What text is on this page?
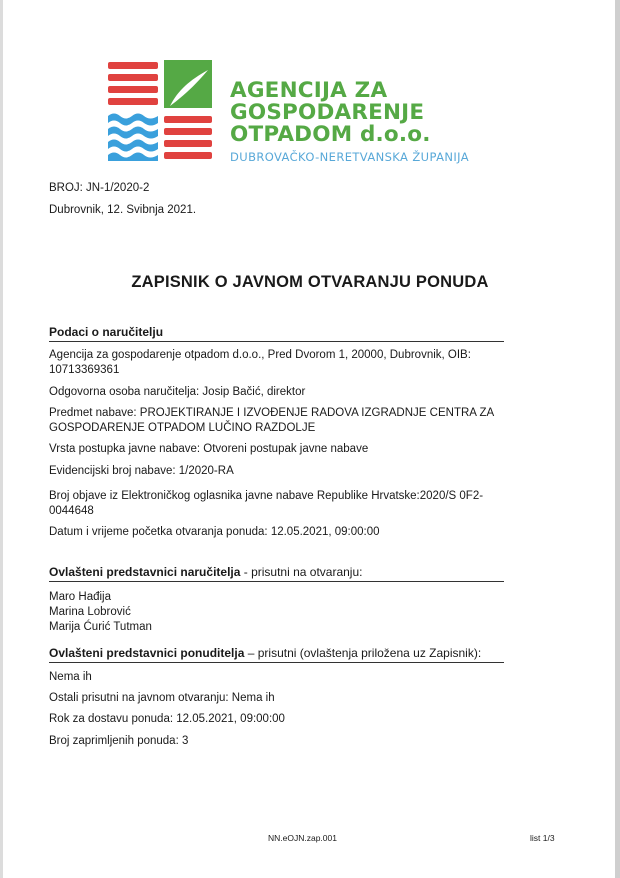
AGENCIJA ZA
GOSPODARENJE
OTPADOM d.o.o.
DUBROVAČKO-NERETVANSKA ŽUPANIJA
BROJ: JN-1/2020-2
Dubrovnik, 12. Svibnja 2021.
ZAPISNIK O JAVNOM OTVARANJU PONUDA
Podaci o naručitelju
Agencija za gospodarenje otpadom d.o.o., Pred Dvorom 1, 20000, Dubrovnik, OIB:
10713369361
Odgovorna osoba naručitelja: Josip Bačić, direktor
Predmet nabave: PROJEKTIRANJE I IZVOĐENJE RADOVA IZGRADNJE CENTRA ZA
GOSPODARENJE OTPADOM LUČINO RAZDOLJE
Vrsta postupka javne nabave: Otvoreni postupak javne nabave
Evidencijski broj nabave: 1/2020-RA
Broj objave iz Elektroničkog oglasnika javne nabave Republike Hrvatske:2020/S 0F2-
0044648
Datum i vrijeme početka otvaranja ponuda: 12.05.2021, 09:00:00
Ovlašteni predstavnici naručitelja - prisutni na otvaranju:
Maro Hađija
Marina Lobrović
Marija Ćurić Tutman
Ovlašteni predstavnici ponuditelja – prisutni (ovlaštenja priložena uz Zapisnik):
Nema ih
Ostali prisutni na javnom otvaranju: Nema ih
Rok za dostavu ponuda: 12.05.2021, 09:00:00
Broj zaprimljenih ponuda: 3
NN.eOJN.zap.001	list 1/3
